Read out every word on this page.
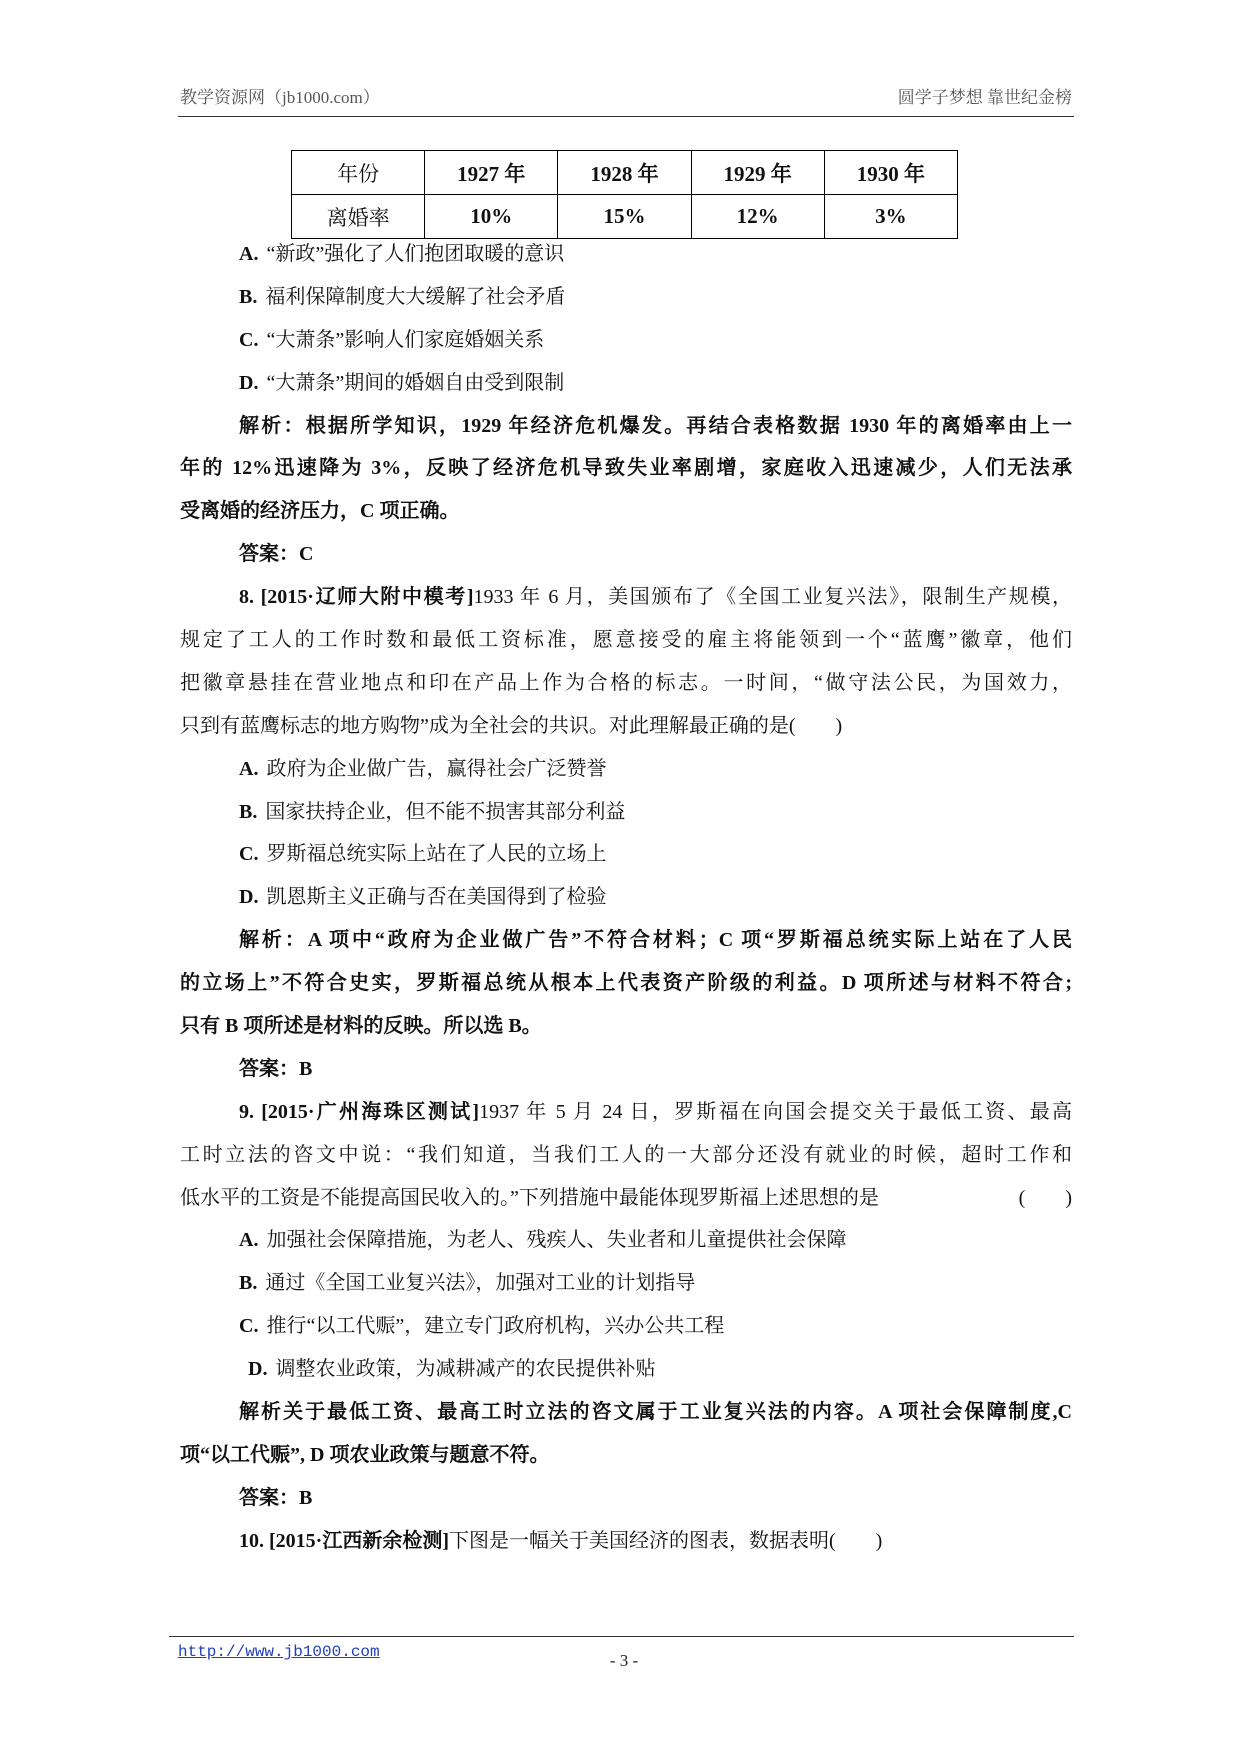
教学资源网（jb1000.com）	圆学子梦想 靠世纪金榜
年份	1927 年	1928 年	1929 年	1930 年
离婚率	10%	15%	12%	3%
A. “新政”强化了人们抱团取暖的意识
B. 福利保障制度大大缓解了社会矛盾
C. “大萧条”影响人们家庭婚姻关系
D. “大萧条”期间的婚姻自由受到限制
解析：根据所学知识，1929 年经济危机爆发。再结合表格数据 1930 年的离婚率由上一
年的 12%迅速降为 3%，反映了经济危机导致失业率剧增，家庭收入迅速减少，人们无法承
受离婚的经济压力，C 项正确。
答案：C
8. [2015·辽师大附中模考]1933 年 6 月，美国颁布了《全国工业复兴法》，限制生产规模，
规定了工人的工作时数和最低工资标准，愿意接受的雇主将能领到一个“蓝鹰”徽章，他们
把徽章悬挂在营业地点和印在产品上作为合格的标志。一时间，“做守法公民，为国效力，
只到有蓝鹰标志的地方购物”成为全社会的共识。对此理解最正确的是(　　)
A. 政府为企业做广告，赢得社会广泛赞誉
B. 国家扶持企业，但不能不损害其部分利益
C. 罗斯福总统实际上站在了人民的立场上
D. 凯恩斯主义正确与否在美国得到了检验
解析：A 项中“政府为企业做广告”不符合材料；C 项“罗斯福总统实际上站在了人民
的立场上”不符合史实，罗斯福总统从根本上代表资产阶级的利益。D 项所述与材料不符合;
只有 B 项所述是材料的反映。所以选 B。
答案：B
9. [2015·广州海珠区测试]1937 年 5 月 24 日，罗斯福在向国会提交关于最低工资、最高
工时立法的咨文中说：“我们知道，当我们工人的一大部分还没有就业的时候，超时工作和
低水平的工资是不能提高国民收入的。”下列措施中最能体现罗斯福上述思想的是	(　　)
A. 加强社会保障措施，为老人、残疾人、失业者和儿童提供社会保障
B. 通过《全国工业复兴法》，加强对工业的计划指导
C. 推行“以工代赈”，建立专门政府机构，兴办公共工程
D. 调整农业政策，为减耕减产的农民提供补贴
解析关于最低工资、最高工时立法的咨文属于工业复兴法的内容。A 项社会保障制度,C
项“以工代赈”, D 项农业政策与题意不符。
答案：B
10. [2015·江西新余检测]下图是一幅关于美国经济的图表，数据表明(　　)
http://www.jb1000.com	- 3 -
